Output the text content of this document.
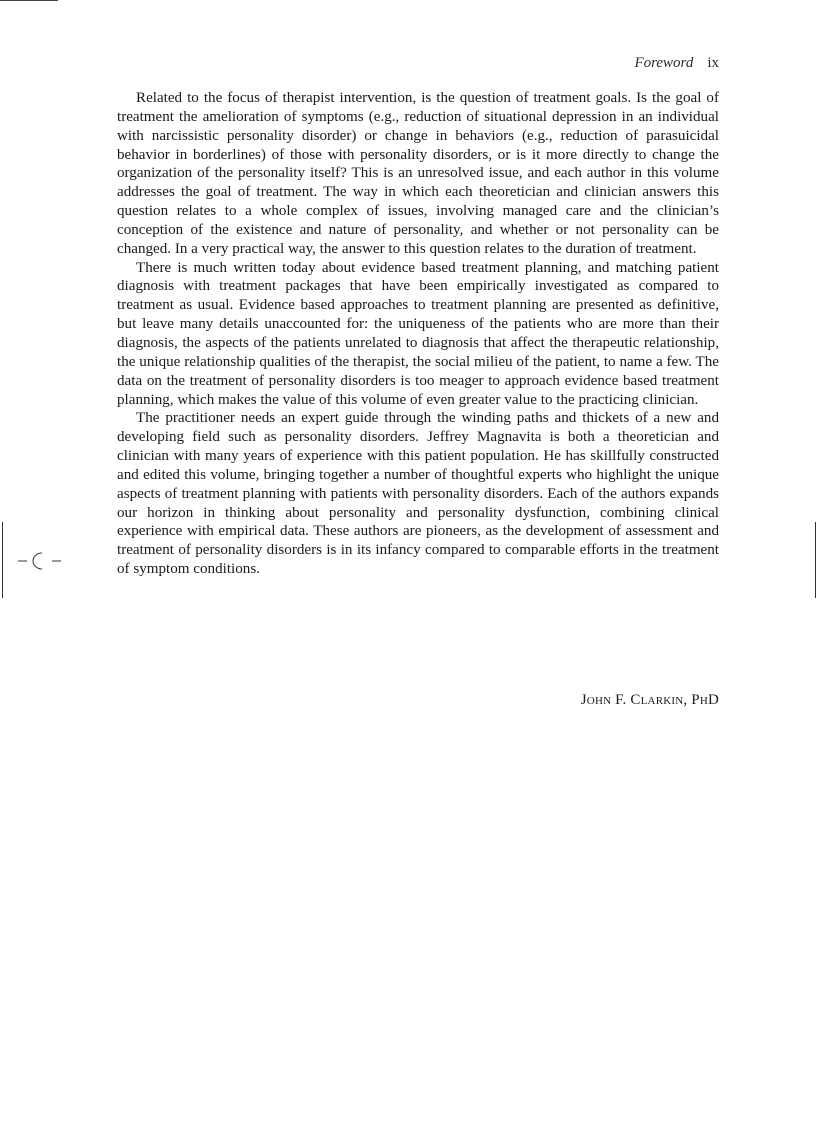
Foreword ix

Related to the focus of therapist intervention, is the question of treatment goals. Is the goal of treatment the amelioration of symptoms (e.g., reduction of situational depression in an individual with narcissistic personality disorder) or change in behaviors (e.g., reduction of parasuicidal behavior in borderlines) of those with personality disorders, or is it more directly to change the organization of the personality itself? This is an unresolved issue, and each author in this volume addresses the goal of treatment. The way in which each theoretician and clinician answers this question relates to a whole complex of issues, involving managed care and the clinician’s conception of the existence and nature of personality, and whether or not personality can be changed. In a very practical way, the answer to this question relates to the duration of treatment.

There is much written today about evidence based treatment planning, and matching patient diagnosis with treatment packages that have been empirically investigated as compared to treatment as usual. Evidence based approaches to treatment planning are presented as definitive, but leave many details unaccounted for: the uniqueness of the patients who are more than their diagnosis, the aspects of the patients unrelated to diagnosis that affect the therapeutic relationship, the unique relationship qualities of the therapist, the social milieu of the patient, to name a few. The data on the treatment of personality disorders is too meager to approach evidence based treatment planning, which makes the value of this volume of even greater value to the practicing clinician.

The practitioner needs an expert guide through the winding paths and thickets of a new and developing field such as personality disorders. Jeffrey Magnavita is both a theoretician and clinician with many years of experience with this patient population. He has skillfully constructed and edited this volume, bringing together a number of thoughtful experts who highlight the unique aspects of treatment planning with patients with personality disorders. Each of the authors expands our horizon in thinking about personality and personality dysfunction, combining clinical experience with empirical data. These authors are pioneers, as the development of assessment and treatment of personality disorders is in its infancy compared to comparable efforts in the treatment of symptom conditions.

John F. Clarkin, PhD
